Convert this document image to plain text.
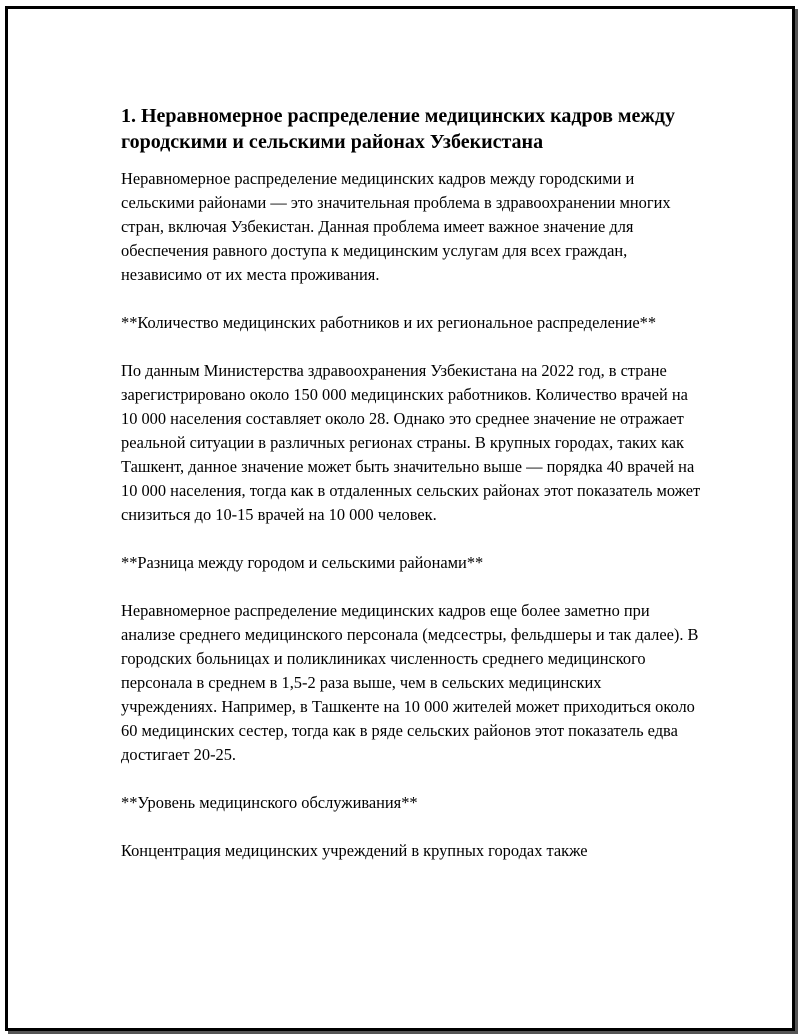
1. Неравномерное распределение медицинских кадров между городскими и сельскими районах Узбекистана

Неравномерное распределение медицинских кадров между городскими и сельскими районами — это значительная проблема в здравоохранении многих стран, включая Узбекистан. Данная проблема имеет важное значение для обеспечения равного доступа к медицинским услугам для всех граждан, независимо от их места проживания.

**Количество медицинских работников и их региональное распределение**

По данным Министерства здравоохранения Узбекистана на 2022 год, в стране зарегистрировано около 150 000 медицинских работников. Количество врачей на 10 000 населения составляет около 28. Однако это среднее значение не отражает реальной ситуации в различных регионах страны. В крупных городах, таких как Ташкент, данное значение может быть значительно выше — порядка 40 врачей на 10 000 населения, тогда как в отдаленных сельских районах этот показатель может снизиться до 10-15 врачей на 10 000 человек.

**Разница между городом и сельскими районами**

Неравномерное распределение медицинских кадров еще более заметно при анализе среднего медицинского персонала (медсестры, фельдшеры и так далее). В городских больницах и поликлиниках численность среднего медицинского персонала в среднем в 1,5-2 раза выше, чем в сельских медицинских учреждениях. Например, в Ташкенте на 10 000 жителей может приходиться около 60 медицинских сестер, тогда как в ряде сельских районов этот показатель едва достигает 20-25.

**Уровень медицинского обслуживания**

Концентрация медицинских учреждений в крупных городах также
